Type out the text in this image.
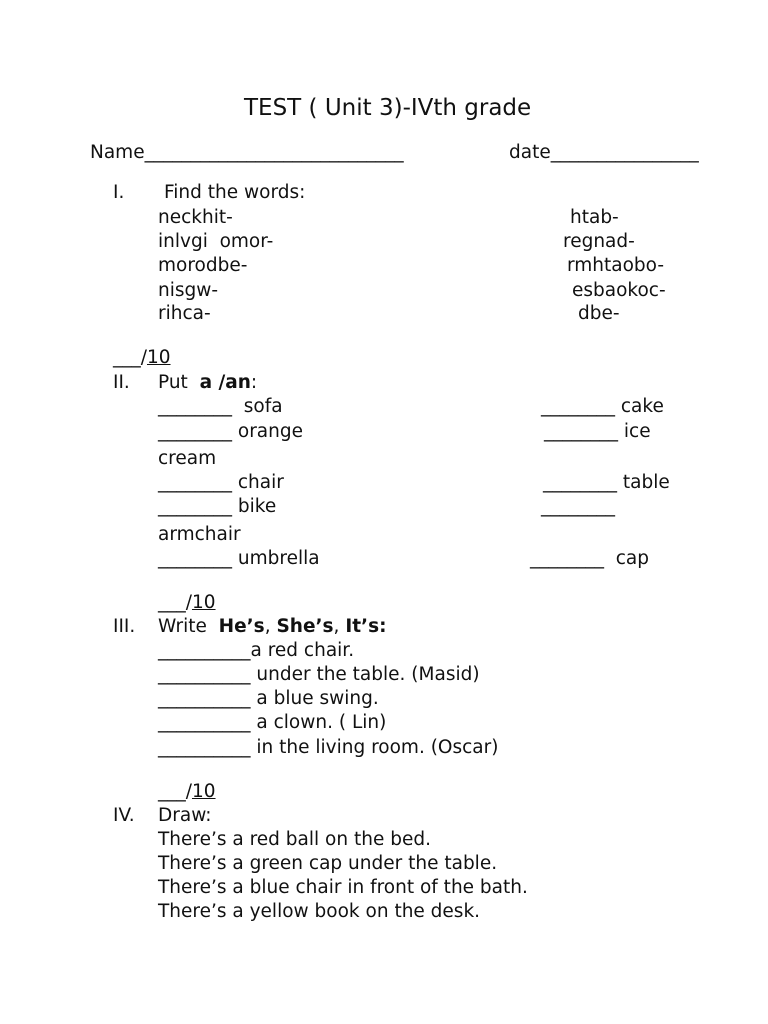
TEST ( Unit 3)-IVth grade
Name____________________________	date________________
I. Find the words:
neckhit-
inlvgi  omor-
morodbe-
nisgw-
rihca-
htab-
regnad-
rmhtaobo-
esbaokoc-
dbe-
___/10
II. Put  a /an:
________  sofa
________ orange
cream
________ chair
________ bike
armchair
________ umbrella
________ cake
________ ice
________ table
________
________  cap
___/10
III. Write  He’s, She’s, It’s:
__________a red chair.
__________ under the table. (Masid)
__________ a blue swing.
__________ a clown. ( Lin)
__________ in the living room. (Oscar)
___/10
IV. Draw:
There’s a red ball on the bed.
There’s a green cap under the table.
There’s a blue chair in front of the bath.
There’s a yellow book on the desk.
